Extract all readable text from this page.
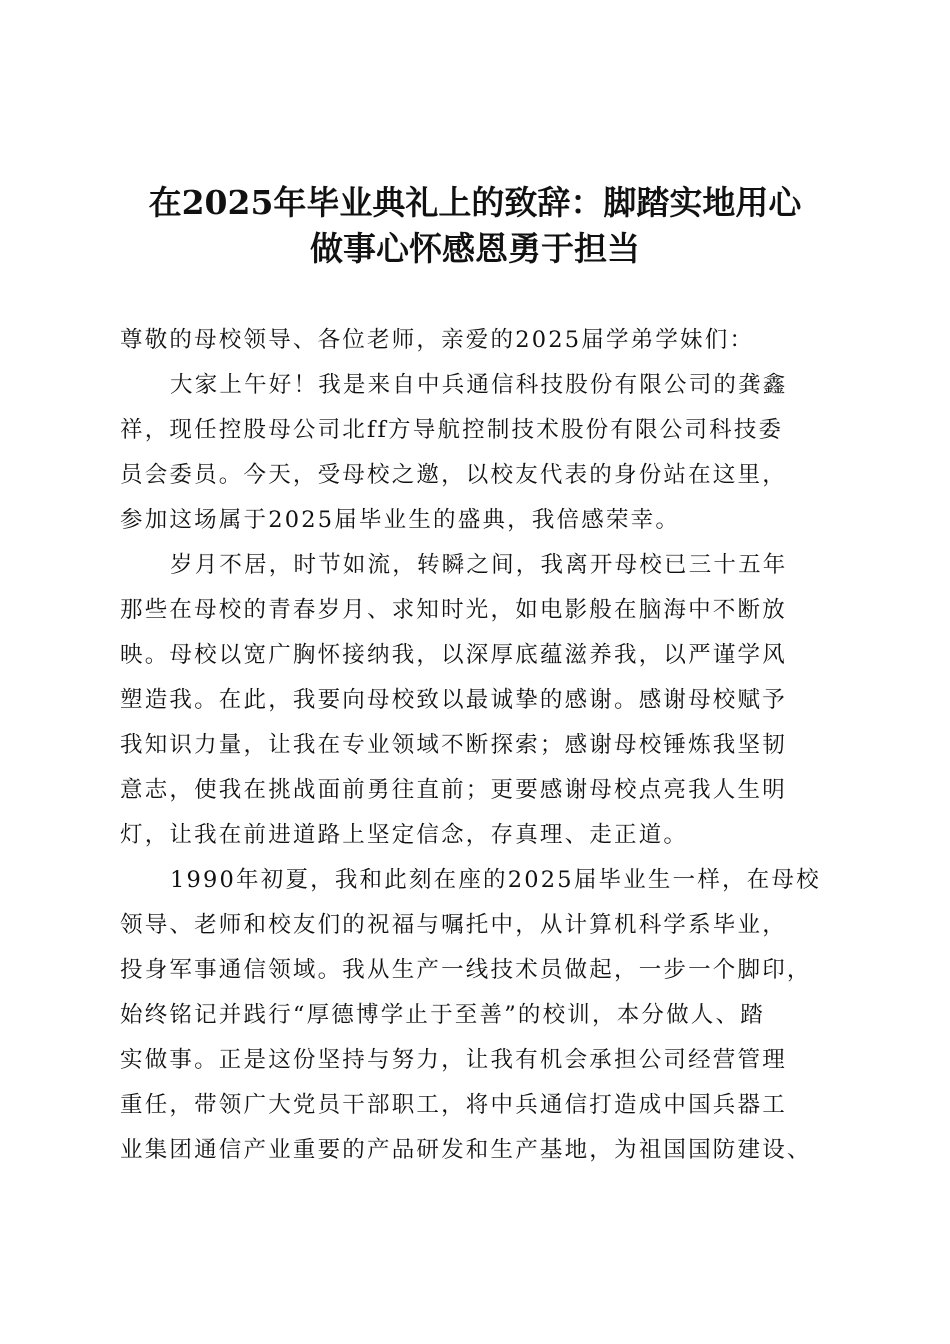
在2025年毕业典礼上的致辞：脚踏实地用心
做事心怀感恩勇于担当

尊敬的母校领导、各位老师，亲爱的2025届学弟学妹们：

大家上午好！我是来自中兵通信科技股份有限公司的龚鑫
祥，现任控股母公司北ff方导航控制技术股份有限公司科技委
员会委员。今天，受母校之邀，以校友代表的身份站在这里，
参加这场属于2025届毕业生的盛典，我倍感荣幸。

岁月不居，时节如流，转瞬之间，我离开母校已三十五年
那些在母校的青春岁月、求知时光，如电影般在脑海中不断放
映。母校以宽广胸怀接纳我，以深厚底蕴滋养我，以严谨学风
塑造我。在此，我要向母校致以最诚挚的感谢。感谢母校赋予
我知识力量，让我在专业领域不断探索；感谢母校锤炼我坚韧
意志，使我在挑战面前勇往直前；更要感谢母校点亮我人生明
灯，让我在前进道路上坚定信念，存真理、走正道。

1990年初夏，我和此刻在座的2025届毕业生一样，在母校
领导、老师和校友们的祝福与嘱托中，从计算机科学系毕业，
投身军事通信领域。我从生产一线技术员做起，一步一个脚印，
始终铭记并践行“厚德博学止于至善”的校训，本分做人、踏
实做事。正是这份坚持与努力，让我有机会承担公司经营管理
重任，带领广大党员干部职工，将中兵通信打造成中国兵器工
业集团通信产业重要的产品研发和生产基地，为祖国国防建设、
